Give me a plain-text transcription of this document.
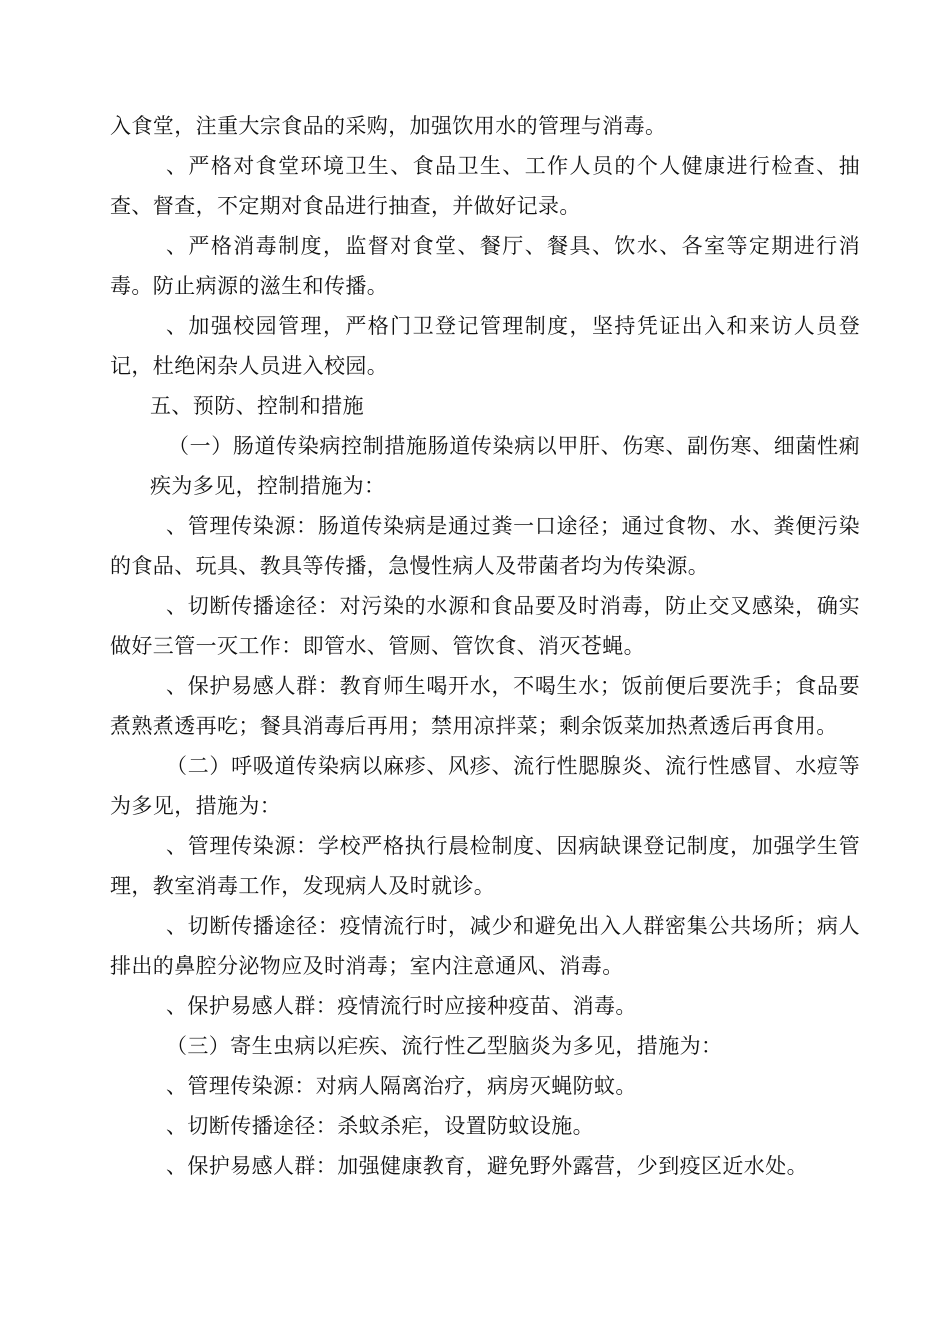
入食堂，注重大宗食品的采购，加强饮用水的管理与消毒。

、严格对食堂环境卫生、食品卫生、工作人员的个人健康进行检查、抽查、督查，不定期对食品进行抽查，并做好记录。

、严格消毒制度，监督对食堂、餐厅、餐具、饮水、各室等定期进行消毒。防止病源的滋生和传播。

、加强校园管理，严格门卫登记管理制度，坚持凭证出入和来访人员登记，杜绝闲杂人员进入校园。

五、预防、控制和措施

（一）肠道传染病控制措施肠道传染病以甲肝、伤寒、副伤寒、细菌性痢疾为多见，控制措施为：

、管理传染源：肠道传染病是通过粪一口途径；通过食物、水、粪便污染的食品、玩具、教具等传播，急慢性病人及带菌者均为传染源。

、切断传播途径：对污染的水源和食品要及时消毒，防止交叉感染，确实做好三管一灭工作：即管水、管厕、管饮食、消灭苍蝇。

、保护易感人群：教育师生喝开水，不喝生水；饭前便后要洗手；食品要煮熟煮透再吃；餐具消毒后再用；禁用凉拌菜；剩余饭菜加热煮透后再食用。

（二）呼吸道传染病以麻疹、风疹、流行性腮腺炎、流行性感冒、水痘等为多见，措施为：

、管理传染源：学校严格执行晨检制度、因病缺课登记制度，加强学生管理，教室消毒工作，发现病人及时就诊。

、切断传播途径：疫情流行时，减少和避免出入人群密集公共场所；病人排出的鼻腔分泌物应及时消毒；室内注意通风、消毒。

、保护易感人群：疫情流行时应接种疫苗、消毒。

（三）寄生虫病以疟疾、流行性乙型脑炎为多见，措施为：

、管理传染源：对病人隔离治疗，病房灭蝇防蚊。

、切断传播途径：杀蚊杀疟，设置防蚊设施。

、保护易感人群：加强健康教育，避免野外露营，少到疫区近水处。
